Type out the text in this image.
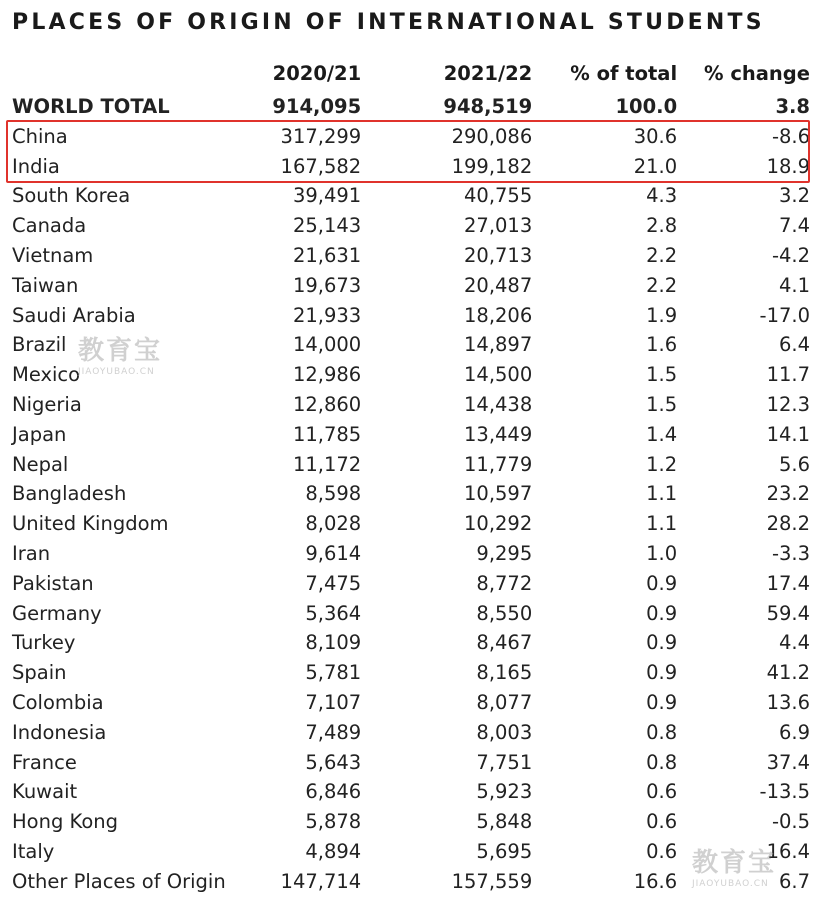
PLACES OF ORIGIN OF INTERNATIONAL STUDENTS
	2020/21	2021/22	% of total	% change
WORLD TOTAL	914,095	948,519	100.0	3.8
China	317,299	290,086	30.6	-8.6
India	167,582	199,182	21.0	18.9
South Korea	39,491	40,755	4.3	3.2
Canada	25,143	27,013	2.8	7.4
Vietnam	21,631	20,713	2.2	-4.2
Taiwan	19,673	20,487	2.2	4.1
Saudi Arabia	21,933	18,206	1.9	-17.0
Brazil	14,000	14,897	1.6	6.4
Mexico	12,986	14,500	1.5	11.7
Nigeria	12,860	14,438	1.5	12.3
Japan	11,785	13,449	1.4	14.1
Nepal	11,172	11,779	1.2	5.6
Bangladesh	8,598	10,597	1.1	23.2
United Kingdom	8,028	10,292	1.1	28.2
Iran	9,614	9,295	1.0	-3.3
Pakistan	7,475	8,772	0.9	17.4
Germany	5,364	8,550	0.9	59.4
Turkey	8,109	8,467	0.9	4.4
Spain	5,781	8,165	0.9	41.2
Colombia	7,107	8,077	0.9	13.6
Indonesia	7,489	8,003	0.8	6.9
France	5,643	7,751	0.8	37.4
Kuwait	6,846	5,923	0.6	-13.5
Hong Kong	5,878	5,848	0.6	-0.5
Italy	4,894	5,695	0.6	16.4
Other Places of Origin	147,714	157,559	16.6	6.7
教育宝
JIAOYUBAO.CN
教育宝
JIAOYUBAO.CN
